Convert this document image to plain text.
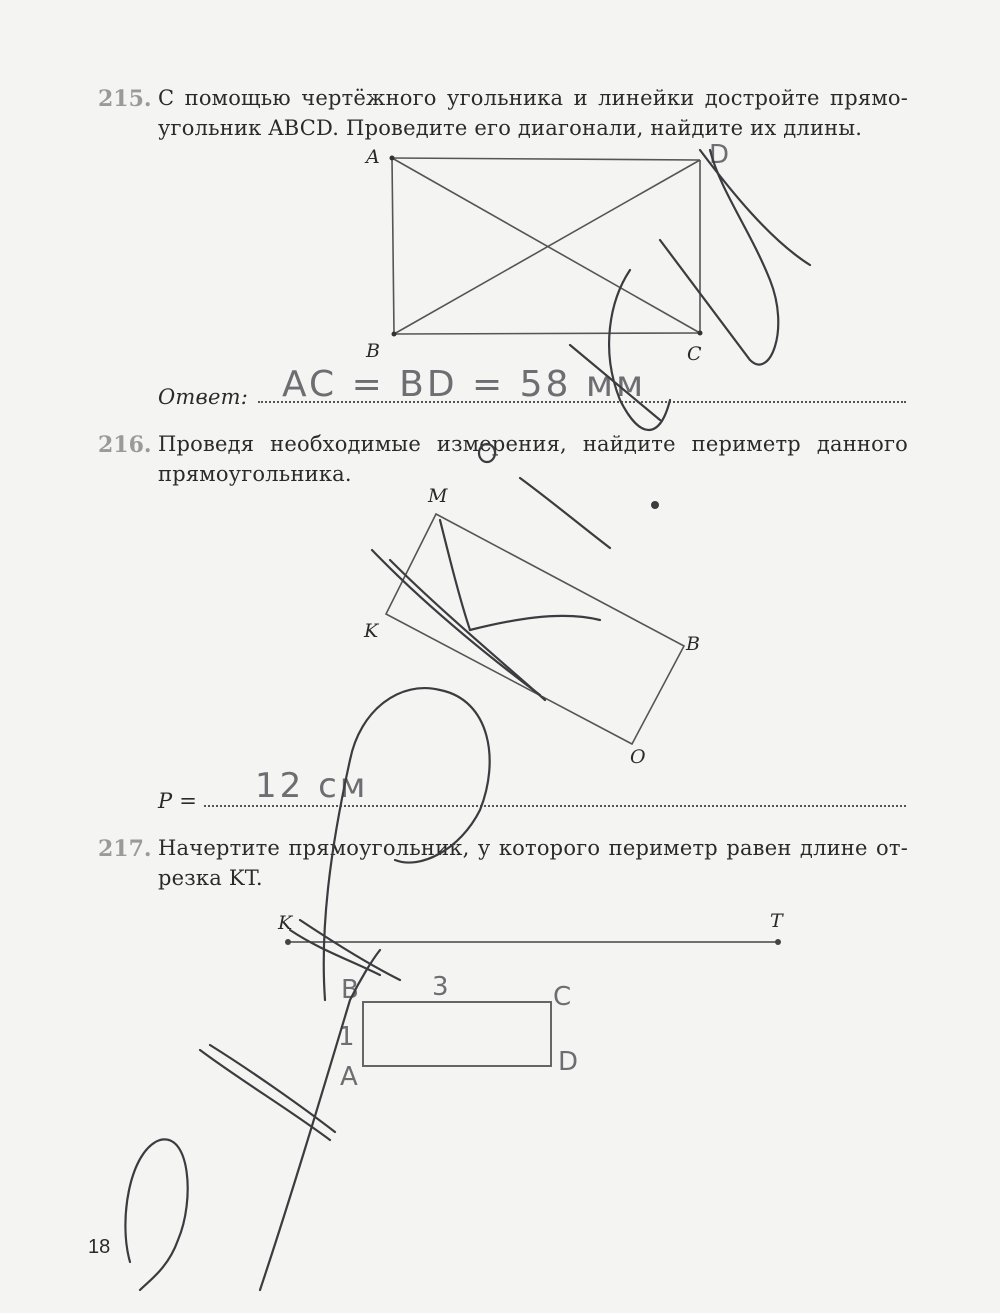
215. С помощью чертёжного угольника и линейки достройте прямо-
угольник ABCD. Проведите его диагонали, найдите их длины.
A
B	C
D
Ответ: AC = BD = 58 мм
216. Проведя необходимые измерения, найдите периметр данного
прямоугольника.
M
K
B
O
P = 12 см
217. Начертите прямоугольник, у которого периметр равен длине от-
резка KT.
K	T
B	C
A	D
3
1
18
